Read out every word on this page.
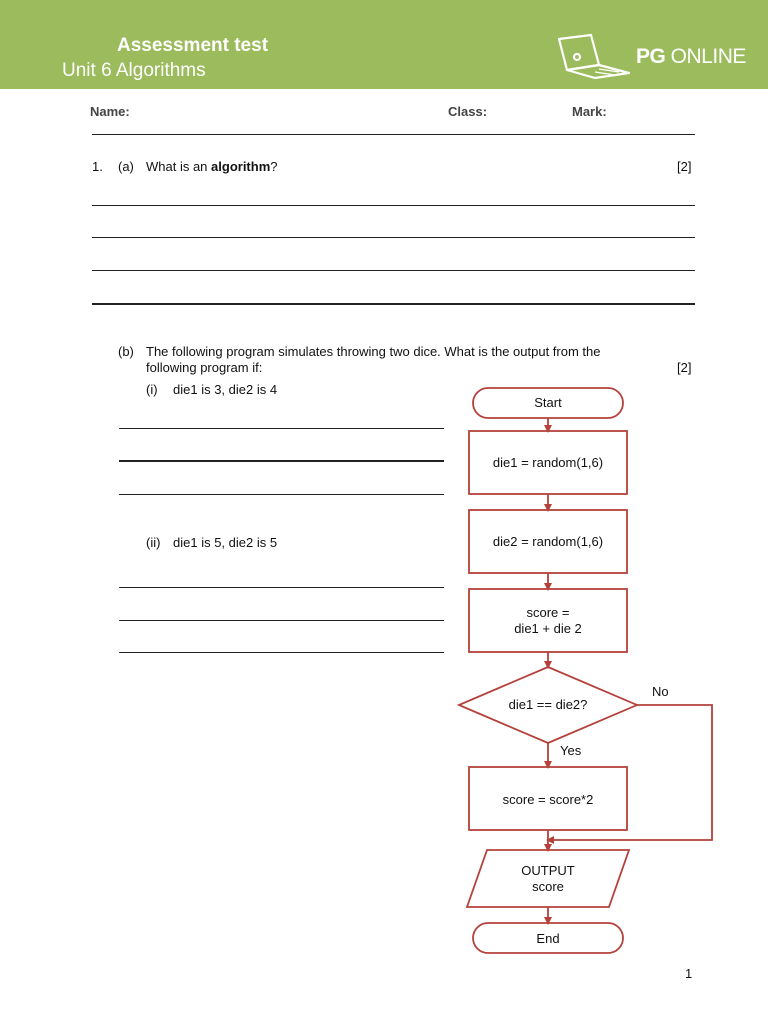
Assessment test
Unit 6 Algorithms
PG ONLINE
Name:	Class:	Mark:
1. (a) What is an algorithm?	[2]
(b) The following program simulates throwing two dice. What is the output from the
following program if:	[2]
(i) die1 is 3, die2 is 4
(ii) die1 is 5, die2 is 5
Start
die1 = random(1,6)
die2 = random(1,6)
score =
die1 + die 2
die1 == die2?
No
Yes
score = score*2
OUTPUT
score
End
1
